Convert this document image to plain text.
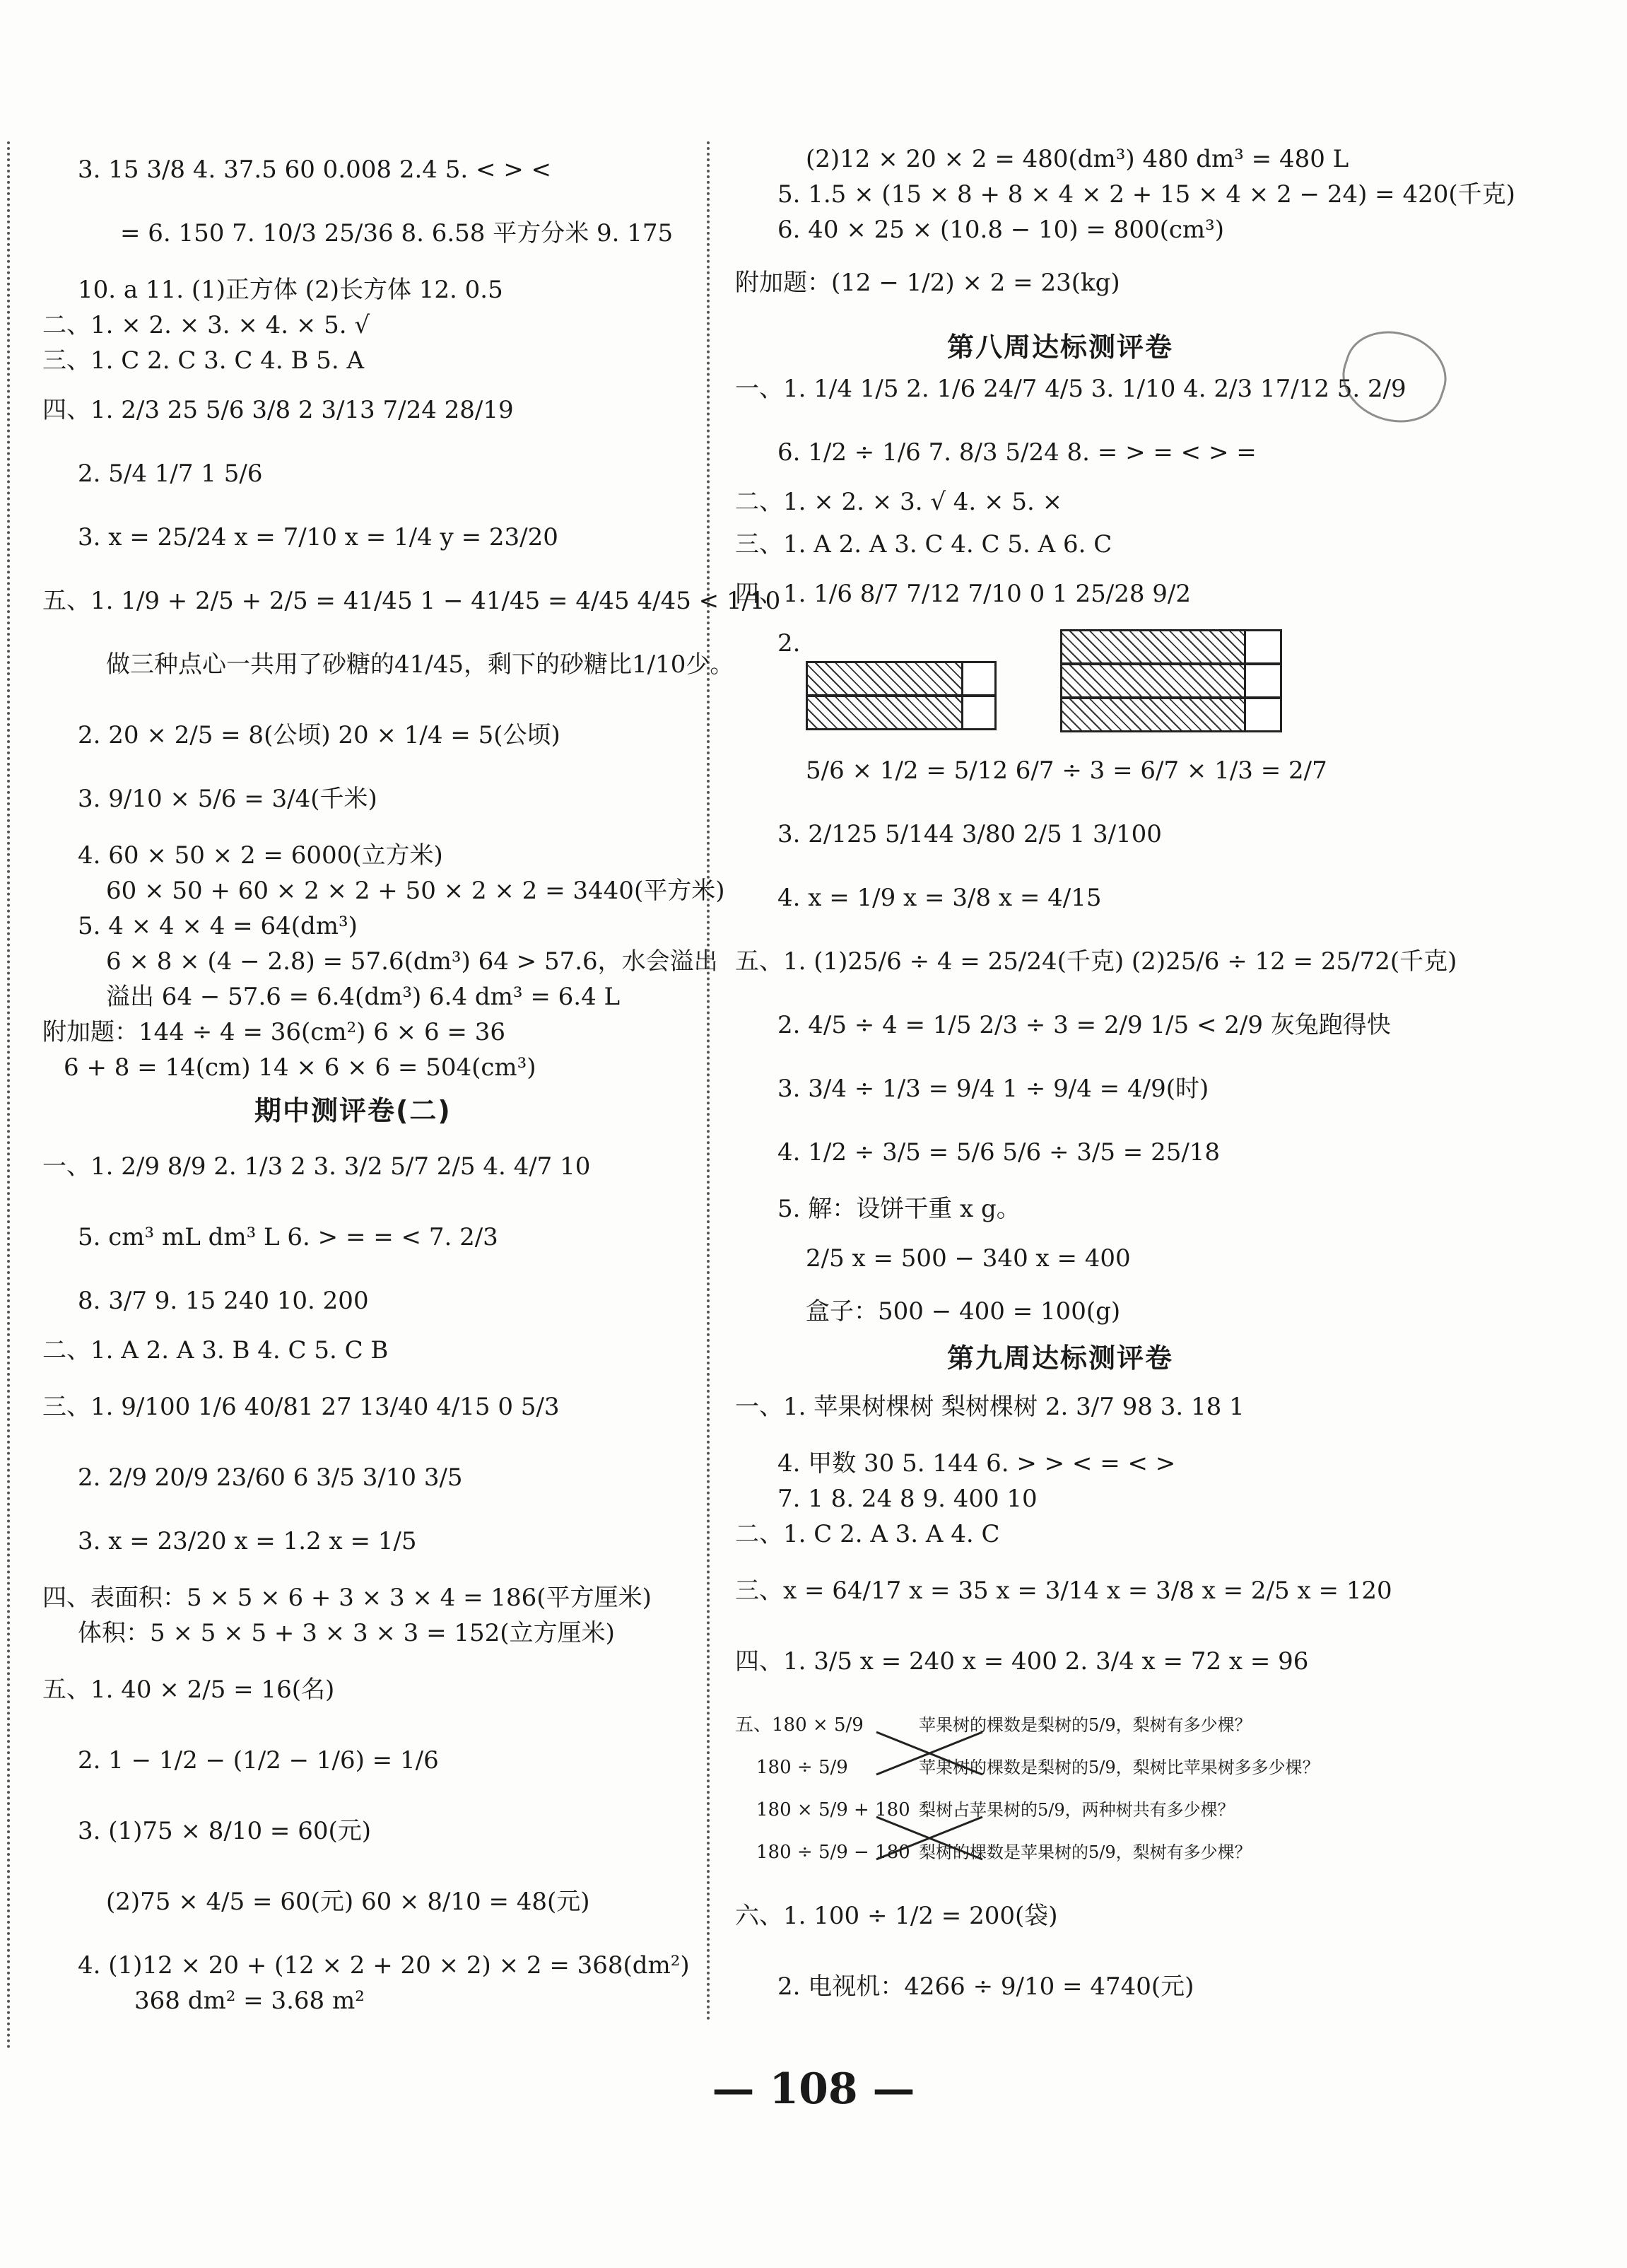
3. 15 3/8 4. 37.5 60 0.008 2.4 5. < > <
= 6. 150 7. 10/3 25/36 8. 6.58 平方分米 9. 175
10. a 11. (1)正方体 (2)长方体 12. 0.5
二、1. × 2. × 3. × 4. × 5. √
三、1. C 2. C 3. C 4. B 5. A
四、1. 2/3 25 5/6 3/8 2 3/13 7/24 28/19
2. 5/4 1/7 1 5/6
3. x = 25/24 x = 7/10 x = 1/4 y = 23/20
五、1. 1/9 + 2/5 + 2/5 = 41/45 1 − 41/45 = 4/45 4/45 < 1/10
做三种点心一共用了砂糖的41/45，剩下的砂糖比1/10少。
2. 20 × 2/5 = 8(公顷) 20 × 1/4 = 5(公顷)
3. 9/10 × 5/6 = 3/4(千米)
4. 60 × 50 × 2 = 6000(立方米)
60 × 50 + 60 × 2 × 2 + 50 × 2 × 2 = 3440(平方米)
5. 4 × 4 × 4 = 64(dm³)
6 × 8 × (4 − 2.8) = 57.6(dm³) 64 > 57.6，水会溢出
溢出 64 − 57.6 = 6.4(dm³) 6.4 dm³ = 6.4 L
附加题：144 ÷ 4 = 36(cm²) 6 × 6 = 36
6 + 8 = 14(cm) 14 × 6 × 6 = 504(cm³)
期中测评卷(二)
一、1. 2/9 8/9 2. 1/3 2 3. 3/2 5/7 2/5 4. 4/7 10
5. cm³ mL dm³ L 6. > = = < 7. 2/3
8. 3/7 9. 15 240 10. 200
二、1. A 2. A 3. B 4. C 5. C B
三、1. 9/100 1/6 40/81 27 13/40 4/15 0 5/3
2. 2/9 20/9 23/60 6 3/5 3/10 3/5
3. x = 23/20 x = 1.2 x = 1/5
四、表面积：5 × 5 × 6 + 3 × 3 × 4 = 186(平方厘米)
体积：5 × 5 × 5 + 3 × 3 × 3 = 152(立方厘米)
五、1. 40 × 2/5 = 16(名)
2. 1 − 1/2 − (1/2 − 1/6) = 1/6
3. (1)75 × 8/10 = 60(元)
(2)75 × 4/5 = 60(元) 60 × 8/10 = 48(元)
4. (1)12 × 20 + (12 × 2 + 20 × 2) × 2 = 368(dm²)
368 dm² = 3.68 m²
(2)12 × 20 × 2 = 480(dm³) 480 dm³ = 480 L
5. 1.5 × (15 × 8 + 8 × 4 × 2 + 15 × 4 × 2 − 24) = 420(千克)
6. 40 × 25 × (10.8 − 10) = 800(cm³)
附加题：(12 − 1/2) × 2 = 23(kg)
第八周达标测评卷
一、1. 1/4 1/5 2. 1/6 24/7 4/5 3. 1/10 4. 2/3 17/12 5. 2/9
6. 1/2 ÷ 1/6 7. 8/3 5/24 8. = > = < > =
二、1. × 2. × 3. √ 4. × 5. ×
三、1. A 2. A 3. C 4. C 5. A 6. C
四、1. 1/6 8/7 7/12 7/10 0 1 25/28 9/2
2.
5/6 × 1/2 = 5/12 6/7 ÷ 3 = 6/7 × 1/3 = 2/7
3. 2/125 5/144 3/80 2/5 1 3/100
4. x = 1/9 x = 3/8 x = 4/15
五、1. (1)25/6 ÷ 4 = 25/24(千克) (2)25/6 ÷ 12 = 25/72(千克)
2. 4/5 ÷ 4 = 1/5 2/3 ÷ 3 = 2/9 1/5 < 2/9 灰兔跑得快
3. 3/4 ÷ 1/3 = 9/4 1 ÷ 9/4 = 4/9(时)
4. 1/2 ÷ 3/5 = 5/6 5/6 ÷ 3/5 = 25/18
5. 解：设饼干重 x g。
2/5 x = 500 − 340 x = 400
盒子：500 − 400 = 100(g)
第九周达标测评卷
一、1. 苹果树棵树 梨树棵树 2. 3/7 98 3. 18 1
4. 甲数 30 5. 144 6. > > < = < >
7. 1 8. 24 8 9. 400 10
二、1. C 2. A 3. A 4. C
三、x = 64/17 x = 35 x = 3/14 x = 3/8 x = 2/5 x = 120
四、1. 3/5 x = 240 x = 400 2. 3/4 x = 72 x = 96
五、180 × 5/9
180 ÷ 5/9
180 × 5/9 + 180
180 ÷ 5/9 − 180
苹果树的棵数是梨树的5/9，梨树有多少棵？
苹果树的棵数是梨树的5/9，梨树比苹果树多多少棵？
梨树占苹果树的5/9，两种树共有多少棵？
梨树的棵数是苹果树的5/9，梨树有多少棵？
六、1. 100 ÷ 1/2 = 200(袋)
2. 电视机：4266 ÷ 9/10 = 4740(元)
— 108 —
